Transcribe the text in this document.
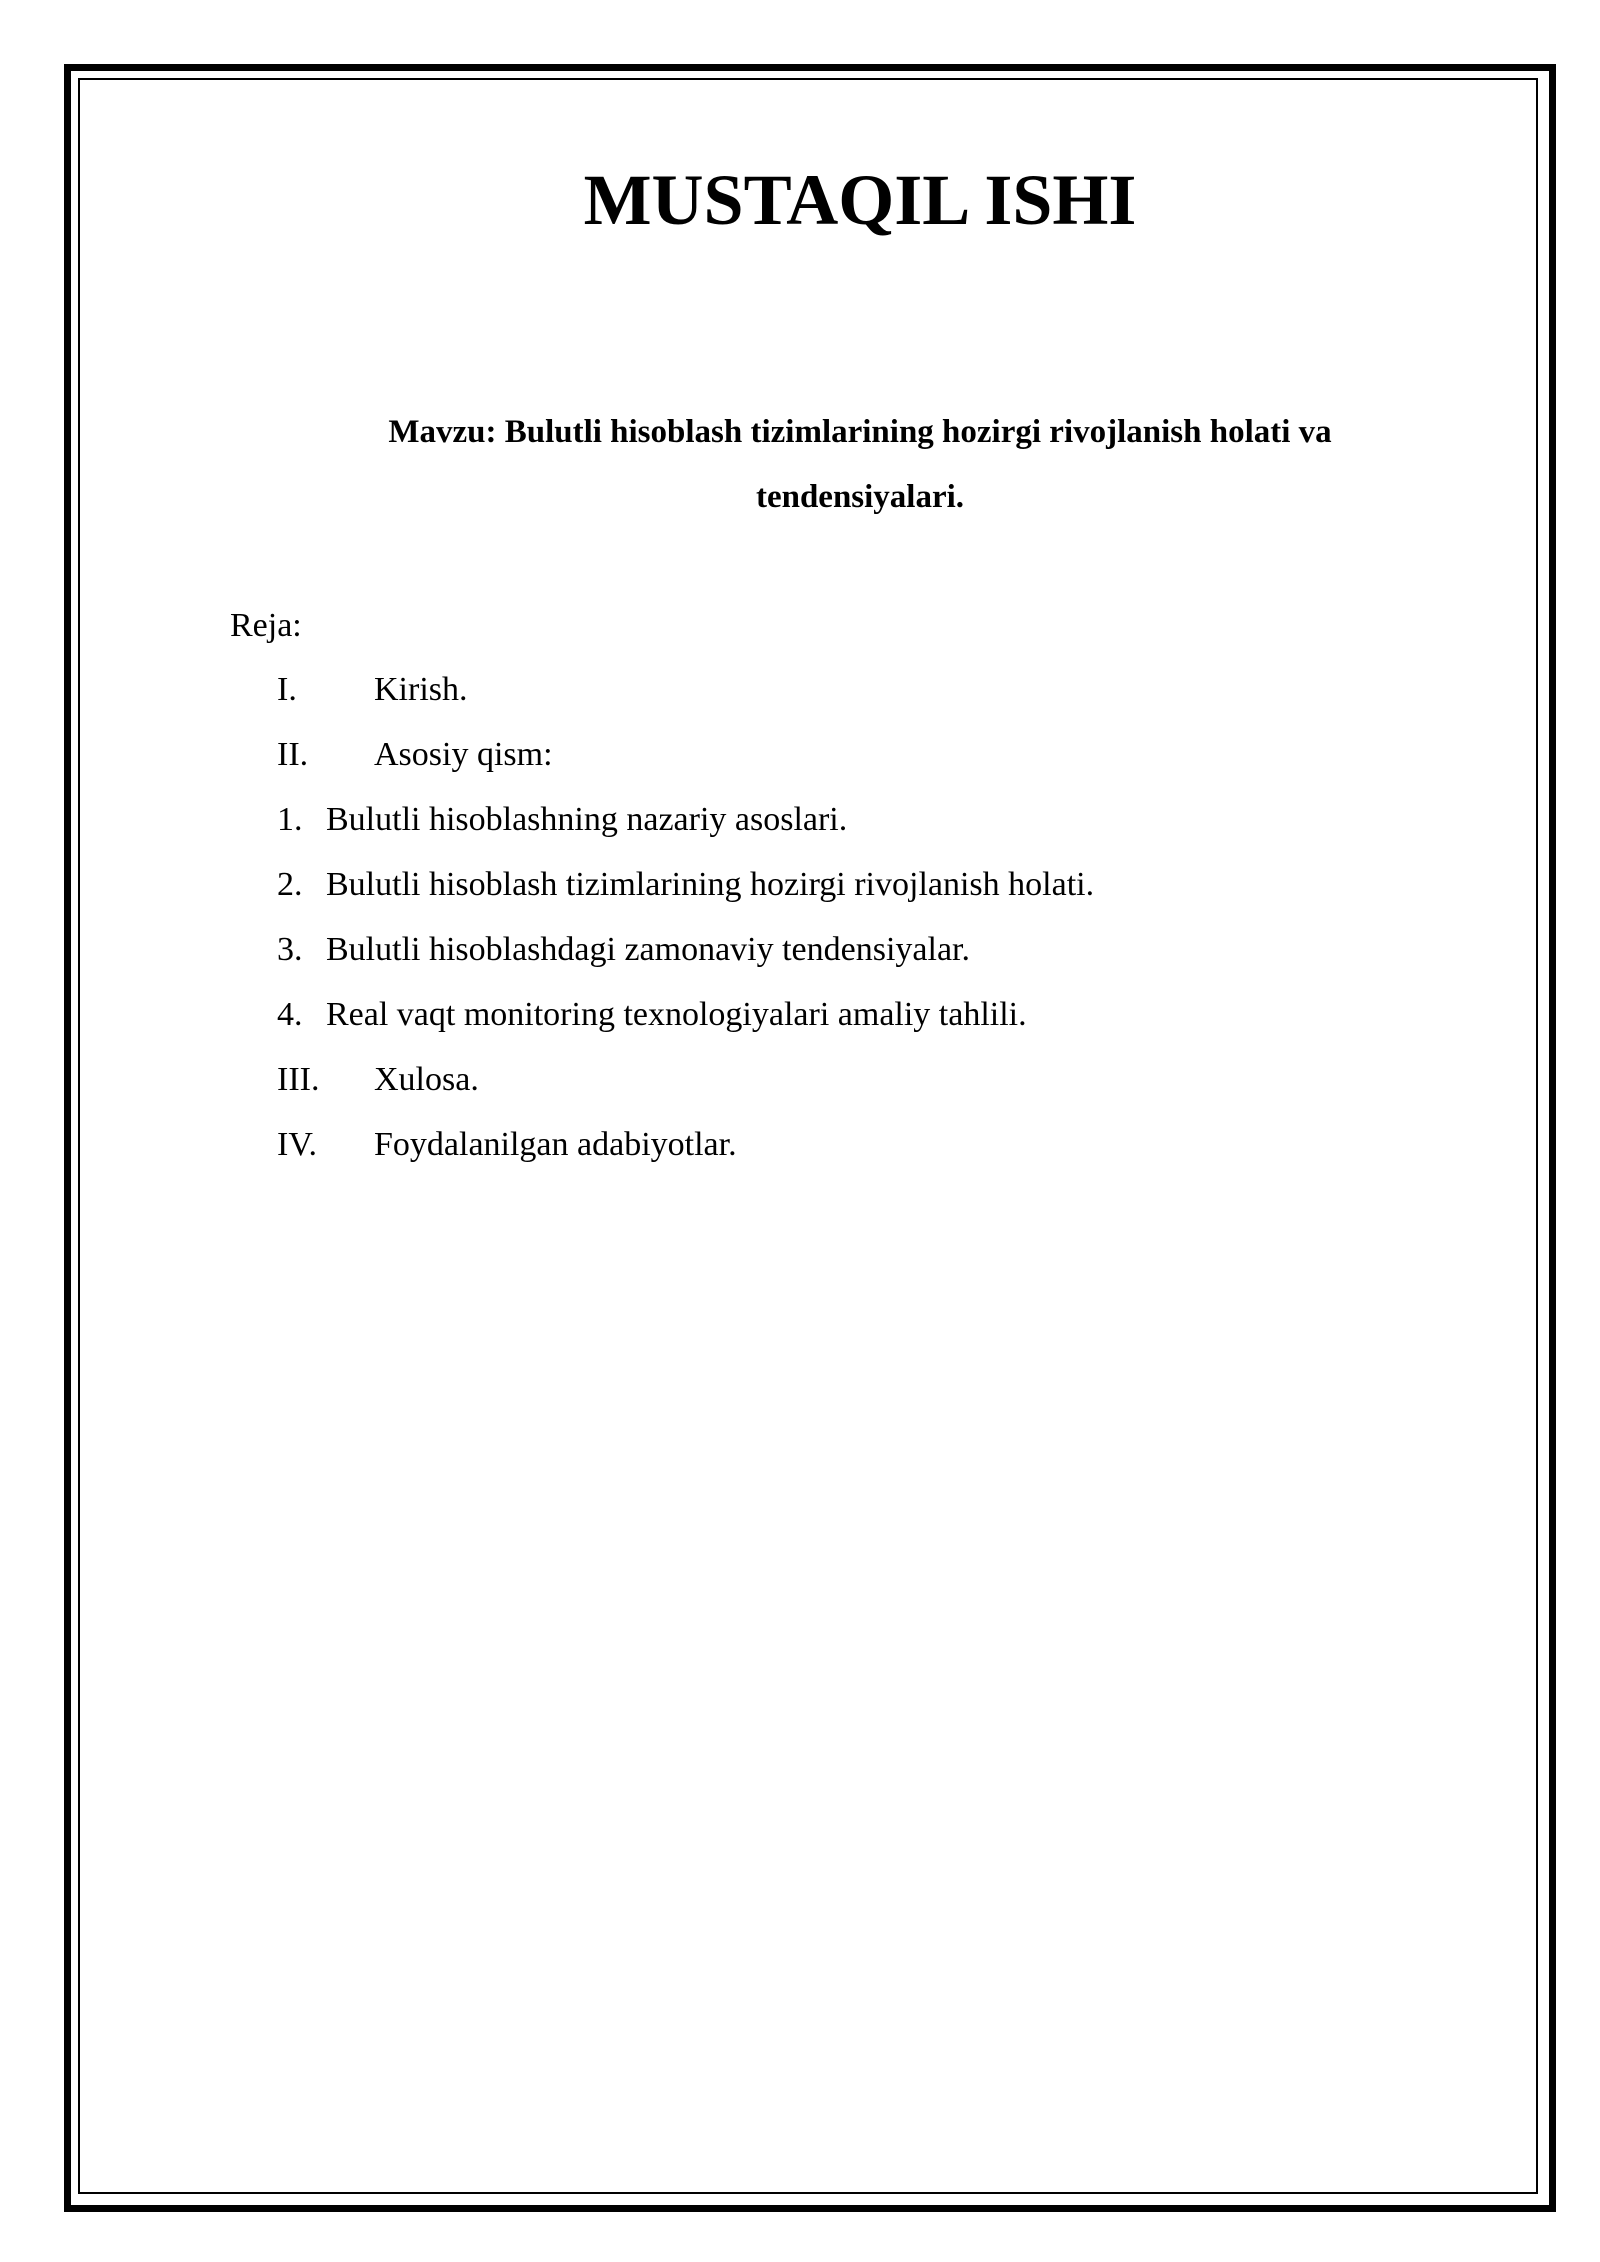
MUSTAQIL ISHI

Mavzu: Bulutli hisoblash tizimlarining hozirgi rivojlanish holati va tendensiyalari.

Reja:
I.	Kirish.
II.	Asosiy qism:
1. Bulutli hisoblashning nazariy asoslari.
2. Bulutli hisoblash tizimlarining hozirgi rivojlanish holati.
3. Bulutli hisoblashdagi zamonaviy tendensiyalar.
4. Real vaqt monitoring texnologiyalari amaliy tahlili.
III.	Xulosa.
IV.	Foydalanilgan adabiyotlar.
